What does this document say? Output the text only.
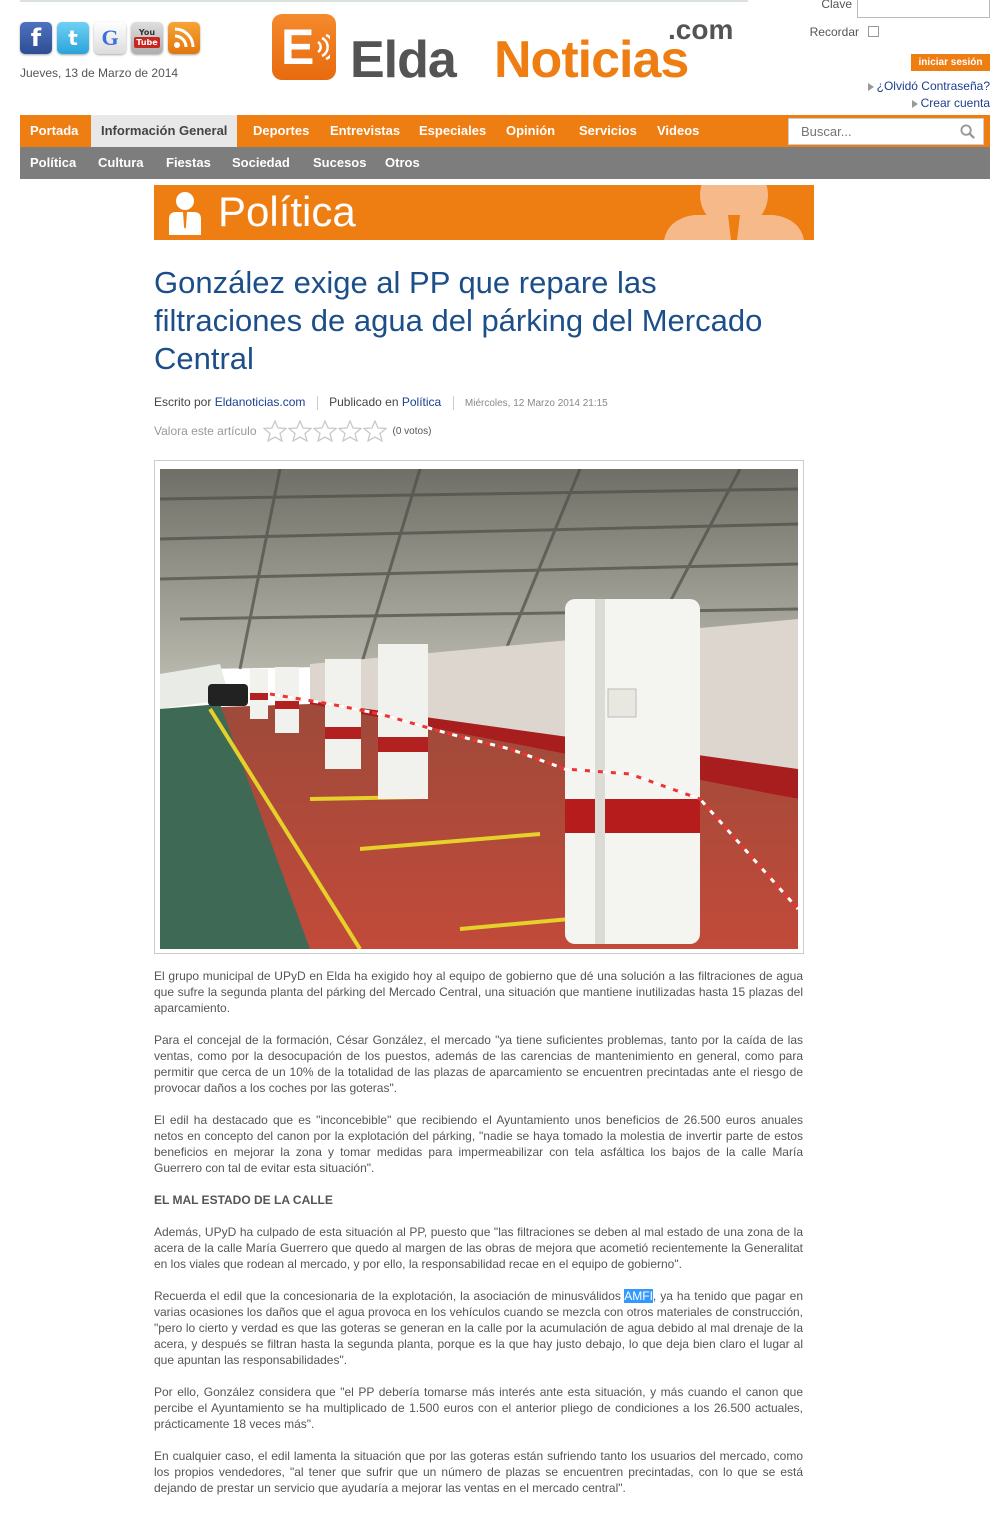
f	t	G	You
Tube
Jueves, 13 de Marzo de 2014 E Elda Noticias
.com
Clave
Recordar
iniciar sesión
¿Olvidó Contraseña?
Crear cuenta
Portada	Información General	Deportes	Entrevistas	Especiales	Opinión	Servicios	Videos
Buscar...
Política	Cultura	Fiestas	Sociedad	Sucesos	Otros
Política
González exige al PP que repare las filtraciones de agua del párking del Mercado Central
Escrito por Eldanoticias.com Publicado en Política Miércoles, 12 Marzo 2014 21:15
Valora este artículo	(0 votos)

El grupo municipal de UPyD en Elda ha exigido hoy al equipo de gobierno que dé una solución a las filtraciones de agua que sufre la segunda planta del párking del Mercado Central, una situación que mantiene inutilizadas hasta 15 plazas del aparcamiento.

Para el concejal de la formación, César González, el mercado "ya tiene suficientes problemas, tanto por la caída de las ventas, como por la desocupación de los puestos, además de las carencias de mantenimiento en general, como para permitir que cerca de un 10% de la totalidad de las plazas de aparcamiento se encuentren precintadas ante el riesgo de provocar daños a los coches por las goteras".

El edil ha destacado que es "inconcebible" que recibiendo el Ayuntamiento unos beneficios de 26.500 euros anuales netos en concepto del canon por la explotación del párking, "nadie se haya tomado la molestia de invertir parte de estos beneficios en mejorar la zona y tomar medidas para impermeabilizar con tela asfáltica los bajos de la calle María Guerrero con tal de evitar esta situación".

EL MAL ESTADO DE LA CALLE

Además, UPyD ha culpado de esta situación al PP, puesto que "las filtraciones se deben al mal estado de una zona de la acera de la calle María Guerrero que quedo al margen de las obras de mejora que acometió recientemente la Generalitat en los viales que rodean al mercado, y por ello, la responsabilidad recae en el equipo de gobierno".

Recuerda el edil que la concesionaria de la explotación, la asociación de minusválidos AMFI, ya ha tenido que pagar en varias ocasiones los daños que el agua provoca en los vehículos cuando se mezcla con otros materiales de construcción, "pero lo cierto y verdad es que las goteras se generan en la calle por la acumulación de agua debido al mal drenaje de la acera, y después se filtran hasta la segunda planta, porque es la que hay justo debajo, lo que deja bien claro el lugar al que apuntan las responsabilidades".

Por ello, González considera que "el PP debería tomarse más interés ante esta situación, y más cuando el canon que percibe el Ayuntamiento se ha multiplicado de 1.500 euros con el anterior pliego de condiciones a los 26.500 actuales, prácticamente 18 veces más".

En cualquier caso, el edil lamenta la situación que por las goteras están sufriendo tanto los usuarios del mercado, como los propios vendedores, "al tener que sufrir que un número de plazas se encuentren precintadas, con lo que se está dejando de prestar un servicio que ayudaría a mejorar las ventas en el mercado central".
